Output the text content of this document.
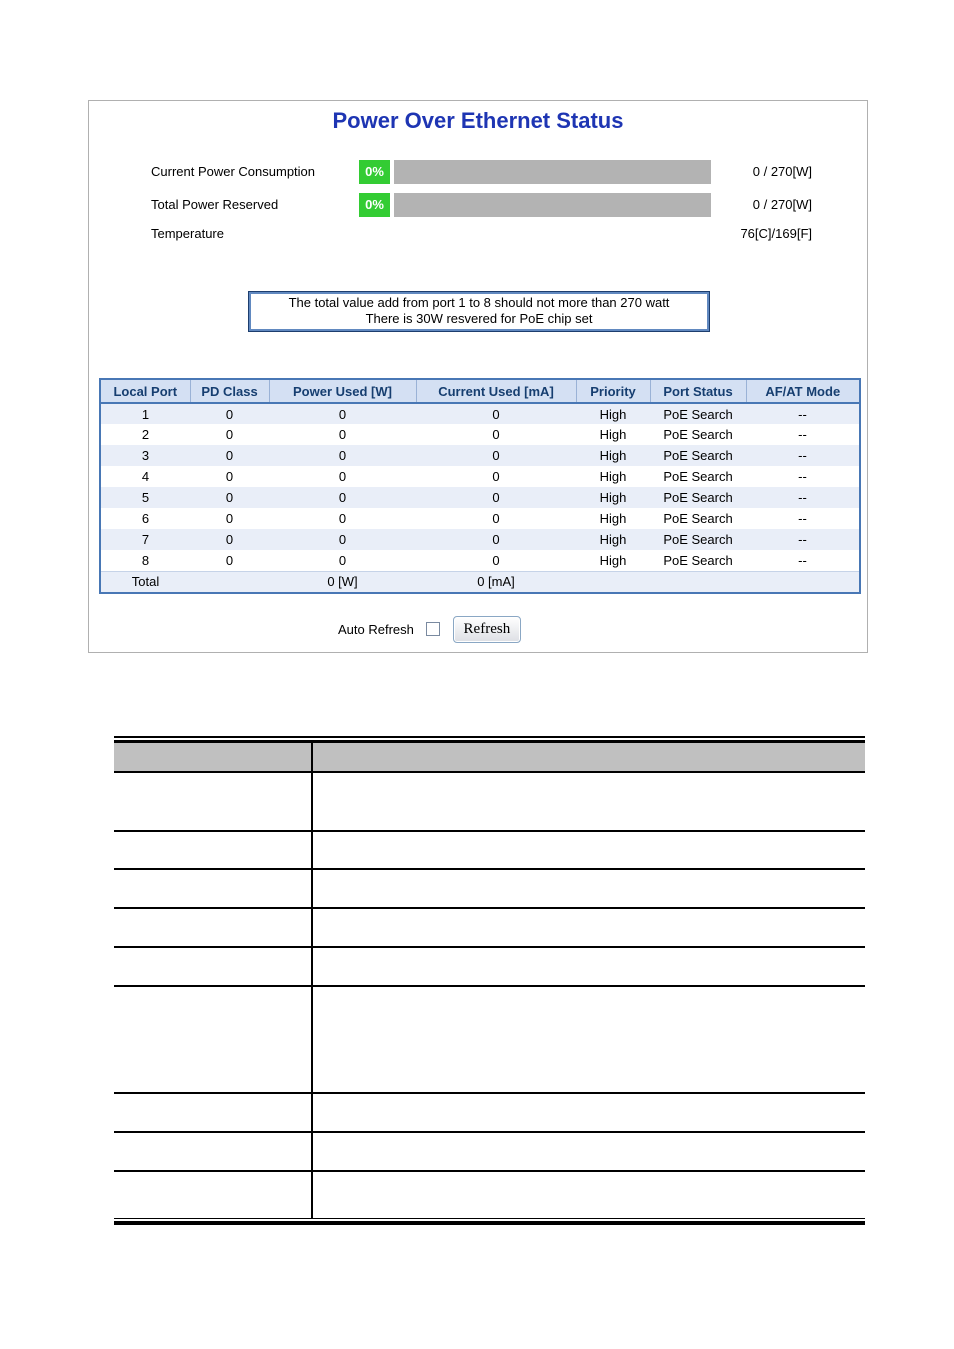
Power Over Ethernet Status
Current Power Consumption	0%	0 / 270[W]
Total Power Reserved	0%	0 / 270[W]
Temperature	76[C]/169[F]
The total value add from port 1 to 8 should not more than 270 watt
There is 30W resvered for PoE chip set
Local Port	PD Class	Power Used [W]	Current Used [mA]	Priority	Port Status	AF/AT Mode
1	0	0	0	High	PoE Search	--
2	0	0	0	High	PoE Search	--
3	0	0	0	High	PoE Search	--
4	0	0	0	High	PoE Search	--
5	0	0	0	High	PoE Search	--
6	0	0	0	High	PoE Search	--
7	0	0	0	High	PoE Search	--
8	0	0	0	High	PoE Search	--
Total		0 [W]	0 [mA]			
Auto Refresh	Refresh
